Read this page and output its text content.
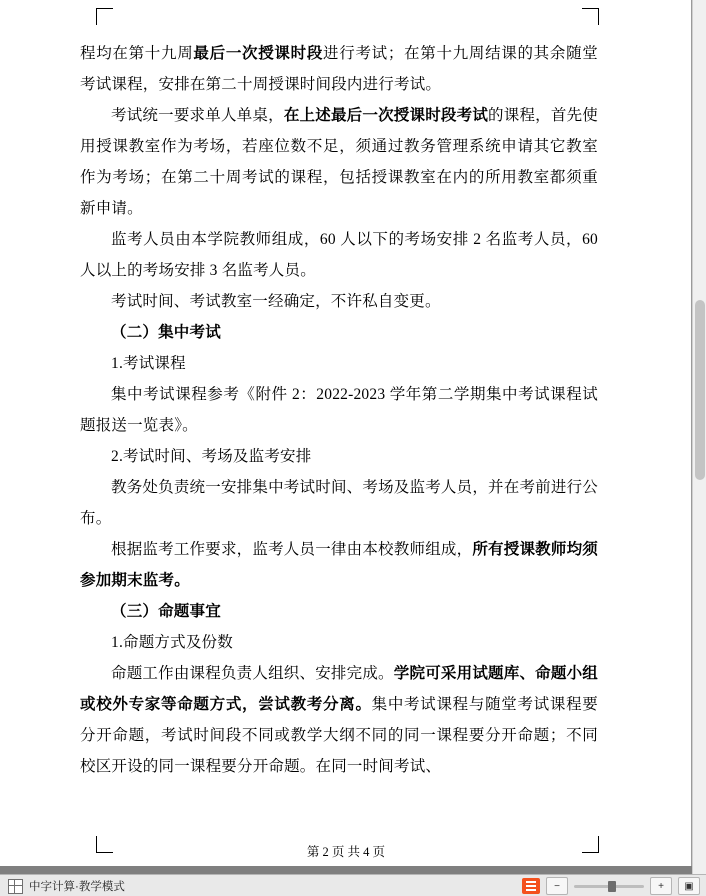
程均在第十九周最后一次授课时段进行考试；在第十九周结课的其余随堂考试课程，安排在第二十周授课时间段内进行考试。

考试统一要求单人单桌，在上述最后一次授课时段考试的课程，首先使用授课教室作为考场，若座位数不足，须通过教务管理系统申请其它教室作为考场；在第二十周考试的课程，包括授课教室在内的所用教室都须重新申请。

监考人员由本学院教师组成，60 人以下的考场安排 2 名监考人员，60 人以上的考场安排 3 名监考人员。

考试时间、考试教室一经确定，不许私自变更。

（二）集中考试

1.考试课程

集中考试课程参考《附件 2：2022-2023 学年第二学期集中考试课程试题报送一览表》。

2.考试时间、考场及监考安排

教务处负责统一安排集中考试时间、考场及监考人员，并在考前进行公布。

根据监考工作要求，监考人员一律由本校教师组成，所有授课教师均须参加期末监考。

（三）命题事宜

1.命题方式及份数

命题工作由课程负责人组织、安排完成。学院可采用试题库、命题小组或校外专家等命题方式，尝试教考分离。集中考试课程与随堂考试课程要分开命题，考试时间段不同或教学大纲不同的同一课程要分开命题；不同校区开设的同一课程要分开命题。在同一时间考试、

第 2 页 共 4 页
中字计算·教学模式	−	+	▣
